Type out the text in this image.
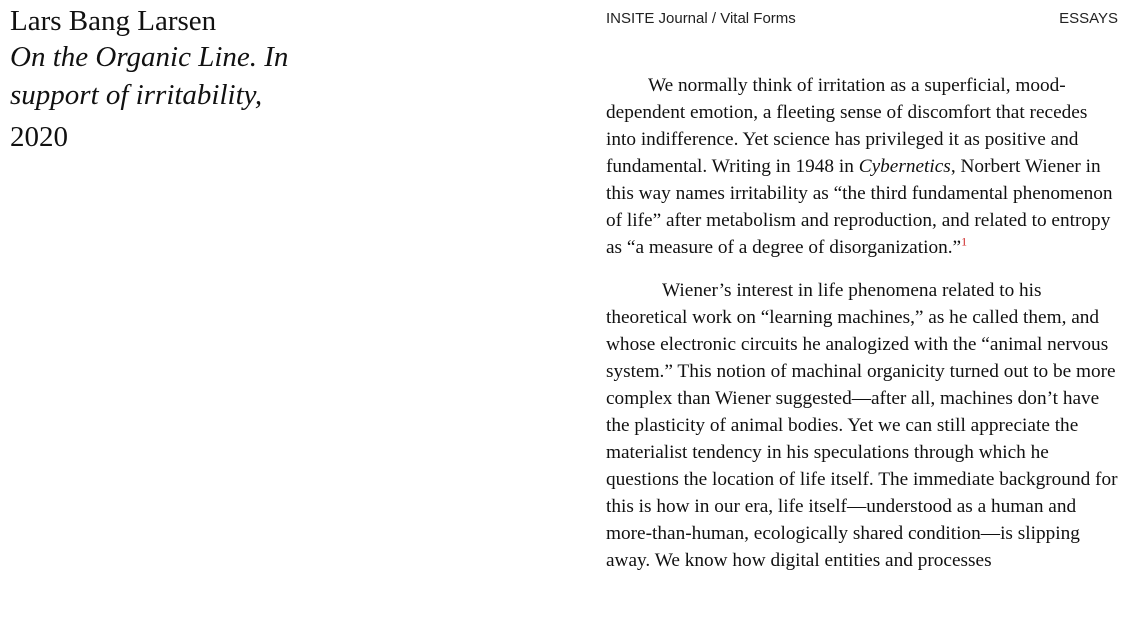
Lars Bang Larsen
On the Organic Line. In support of irritability,
2020
INSITE Journal / Vital Forms	ESSAYS

We normally think of irritation as a superficial, mood-dependent emotion, a fleeting sense of discomfort that recedes into indifference. Yet science has privileged it as positive and fundamental. Writing in 1948 in Cybernetics, Norbert Wiener in this way names irritability as “the third fundamental phenomenon of life” after metabolism and reproduction, and related to entropy as “a measure of a degree of disorganization.”$^1$

Wiener’s interest in life phenomena related to his theoretical work on “learning machines,” as he called them, and whose electronic circuits he analogized with the “animal nervous system.” This notion of machinal organicity turned out to be more complex than Wiener suggested—after all, machines don’t have the plasticity of animal bodies. Yet we can still appreciate the materialist tendency in his speculations through which he questions the location of life itself. The immediate background for this is how in our era, life itself—understood as a human and more-than-human, ecologically shared condition—is slipping away. We know how digital entities and processes
